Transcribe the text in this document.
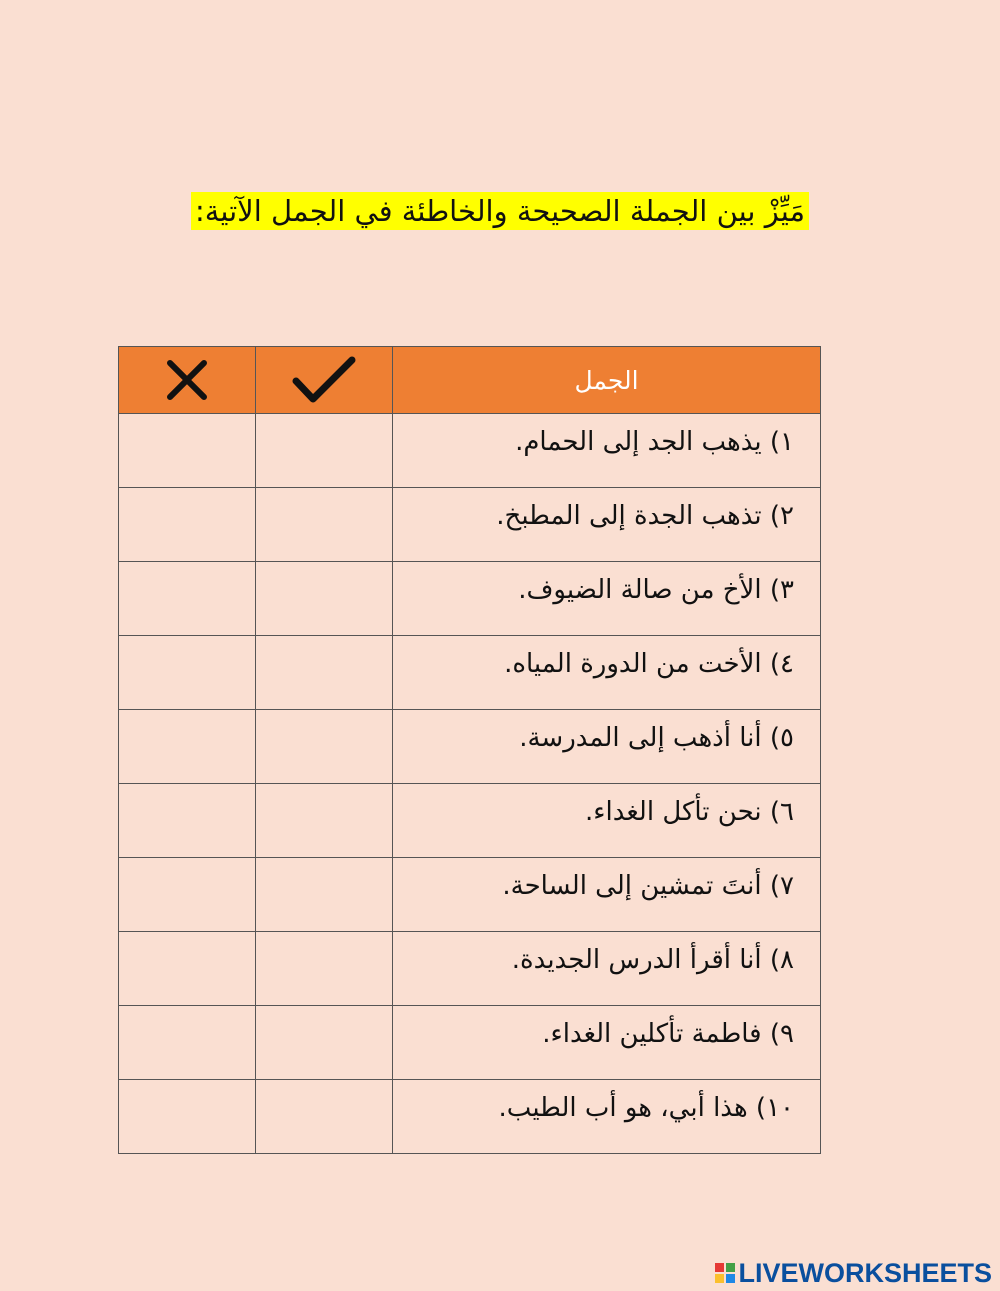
مَيِّزْ بين الجملة الصحيحة والخاطئة في الجمل الآتية:

	الجمل

		١) يذهب الجد إلى الحمام.

		٢) تذهب الجدة إلى المطبخ.

		٣) الأخ من صالة الضيوف.

		٤) الأخت من الدورة المياه.

		٥) أنا أذهب إلى المدرسة.

		٦) نحن تأكل الغداء.

		٧) أنتَ تمشين إلى الساحة.

		٨) أنا أقرأ الدرس الجديدة.

		٩) فاطمة تأكلين الغداء.

		١٠) هذا أبي، هو أب الطيب.
LIVEWORKSHEETS
